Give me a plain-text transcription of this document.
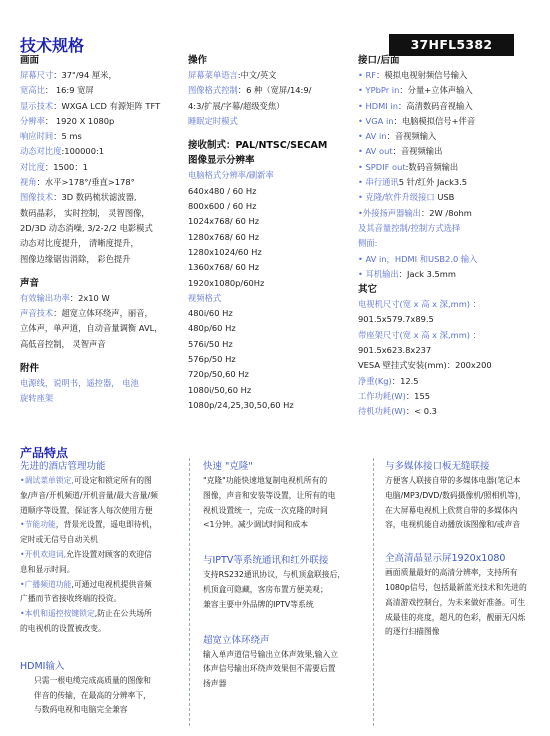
技术规格	37HFL5382
画面
屏幕尺寸：37"/94 厘米，
宽高比： 16:9 宽屏
显示技术：WXGA LCD 有源矩阵 TFT
分辨率： 1920 X 1080p
响应时间：5 ms
动态对比度:100000:1
对比度：1500：1
视角：水平>178°/垂直>178°
图像技术：3D 数码梳状滤波器,
数码晶彩， 实时控制， 灵智图像，
2D/3D 动态消噪, 3/2-2/2 电影模式
动态对比度提升， 清晰度提升，
图像边缘锯齿消除， 彩色提升
声音
有效输出功率：2x10 W
声音技术：超宽立体环绕声，丽音，
立体声，单声道，自动音量调衡 AVL，
高低音控制， 灵智声音
附件
电源线，说明书，遥控器， 电池
旋转座架
操作
屏幕菜单语言:中文/英文
图像格式控制：6 种（宽屏/14:9/
4:3/扩展/字幕/超级变焦）
睡眠定时模式
接收制式：PAL/NTSC/SECAM
图像显示分辨率
电脑格式分辨率/刷新率
640x480 / 60 Hz
800x600 / 60 Hz
1024x768/ 60 Hz
1280x768/ 60 Hz
1280x1024/60 Hz
1360x768/ 60 Hz
1920x1080p/60Hz
视频格式
480i/60 Hz
480p/60 Hz
576i/50 Hz
576p/50 Hz
720p/50,60 Hz
1080i/50,60 Hz
1080p/24,25,30,50,60 Hz
接口/后面
• RF：模拟电视射频信号输入
• YPbPr in：分量+立体声输入
• HDMI in：高清数码音视输入
• VGA in：电脑模拟信号+伴音
• AV in：音视频输入
• AV out：音视频输出
• SPDIF out:数码音频输出
• 串行通讯5 针/红外 Jack3.5
• 克隆/软件升级接口 USB
•外接扬声器输出：2W /8ohm
及其音量控制/控制方式选择
侧面:
• AV in，HDMI 和USB2.0 输入
• 耳机输出：Jack 3.5mm
其它
电视机尺寸(宽 x 高 x 深,mm) ：
901.5x579.7x89.5
带座架尺寸(宽 x 高 x 深,mm) ：
901.5x623.8x237
VESA 壁挂式安装(mm)：200x200
净重(Kg)：12.5
工作功耗(W)：155
待机功耗(W)：< 0.3
产品特点
先进的酒店管理功能
•调试菜单锁定,可设定和锁定所有的图
象/声音/开机频道/开机音量/最大音量/频
道顺序等设置，保证客人每次使用方便
•节能功能，背景光设置，遥电即待机，
定时或无信号自动关机
•开机欢迎词,允许设置对顾客的欢迎信
息和显示时间。
•广播频道功能,可通过电视机提供音频
广播而节省接收终端的投资。
•本机和遥控按键锁定,防止在公共场所
的电视机的设置被改变。
HDMI输入
只需一根电缆完成高质量的图像和
伴音的传输，在最高的分辨率下，
与数码电视和电脑完全兼容
快速 "克隆"
"克隆"功能快速地复制电视机所有的
图像，声音和安装等设置，让所有的电
视机设置统一，完成一次克隆的时间
<1分钟。减少调试时间和成本
与IPTV等系统通讯和红外联接
支持RS232通讯协议，与机顶盒联接后，
机顶盒可隐藏，客房布置方便美观；
兼容主要中外品牌的IPTV等系统
超宽立体环绕声
输入单声道信号输出立体声效果,输入立
体声信号输出环绕声效果但不需要后置
扬声器
与多媒体接口板无缝联接
方便客人联接自带的多媒体电器(笔记本
电脑/MP3/DVD/数码摄像机/照相机等)，
在大屏幕电视机上欣赏自带的多媒体内
容，电视机能自动播放该图像和/或声音
全高清晶显示屏1920x1080
画面质量最好的高清分辨率，支持所有
1080p信号，包括最新蓝光技术和先进的
高清游戏控制台，为未来做好准备。可生
成最佳的亮度，超凡的色彩，靓丽无闪烁
的逐行扫描图像
